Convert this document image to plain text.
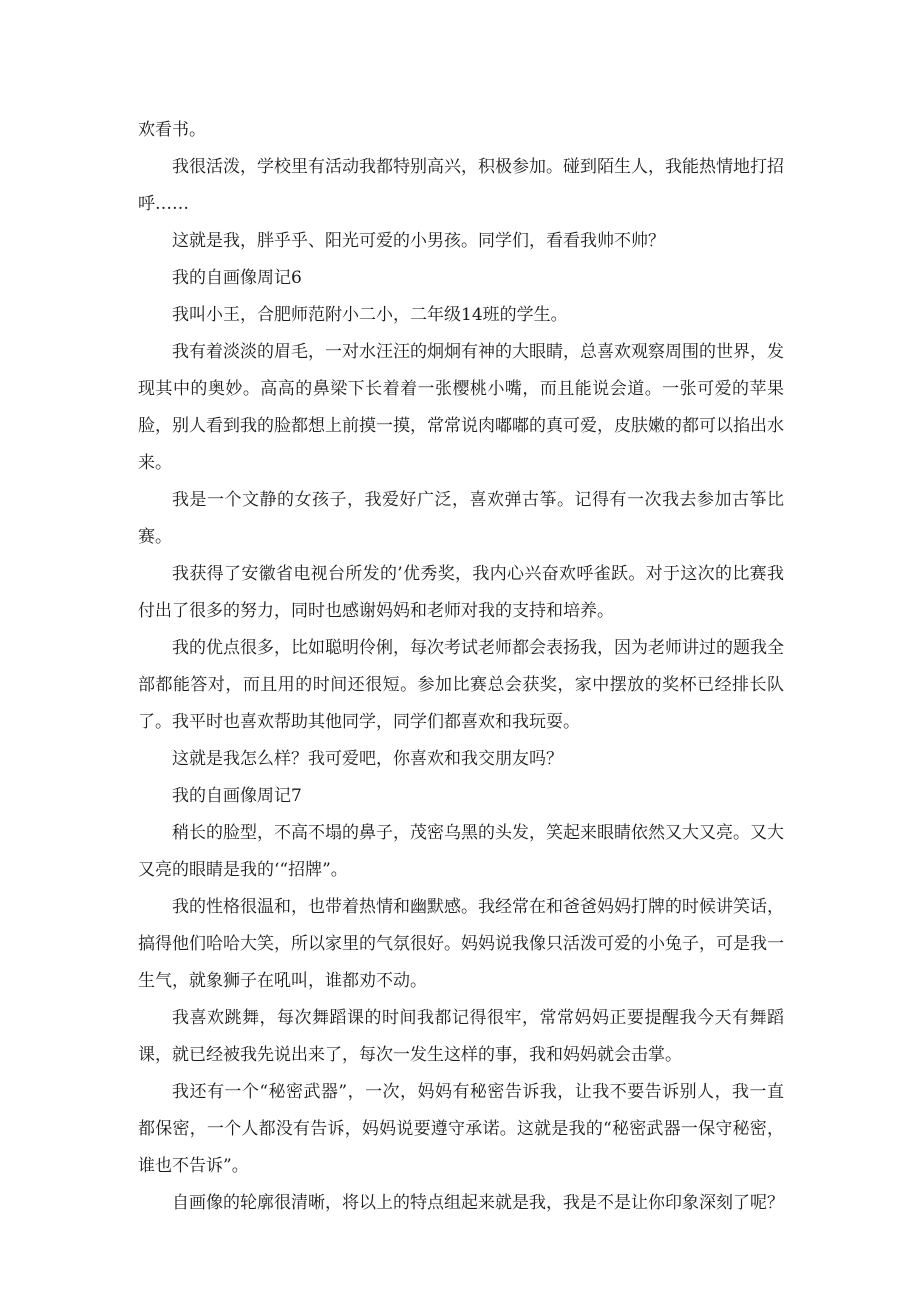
欢看书。

我很活泼，学校里有活动我都特别高兴，积极参加。碰到陌生人，我能热情地打招呼……

这就是我，胖乎乎、阳光可爱的小男孩。同学们，看看我帅不帅？

我的自画像周记6

我叫小王，合肥师范附小二小，二年级14班的学生。

我有着淡淡的眉毛，一对水汪汪的炯炯有神的大眼睛，总喜欢观察周围的世界，发现其中的奥妙。高高的鼻梁下长着着一张樱桃小嘴，而且能说会道。一张可爱的苹果脸，别人看到我的脸都想上前摸一摸，常常说肉嘟嘟的真可爱，皮肤嫩的都可以掐出水来。

我是一个文静的女孩子，我爱好广泛，喜欢弹古筝。记得有一次我去参加古筝比赛。

我获得了安徽省电视台所发的’优秀奖，我内心兴奋欢呼雀跃。对于这次的比赛我付出了很多的努力，同时也感谢妈妈和老师对我的支持和培养。

我的优点很多，比如聪明伶俐，每次考试老师都会表扬我，因为老师讲过的题我全部都能答对，而且用的时间还很短。参加比赛总会获奖，家中摆放的奖杯已经排长队了。我平时也喜欢帮助其他同学，同学们都喜欢和我玩耍。

这就是我怎么样？我可爱吧，你喜欢和我交朋友吗？

我的自画像周记7

稍长的脸型，不高不塌的鼻子，茂密乌黑的头发，笑起来眼睛依然又大又亮。又大又亮的眼睛是我的‘“招牌”。

我的性格很温和，也带着热情和幽默感。我经常在和爸爸妈妈打牌的时候讲笑话，搞得他们哈哈大笑，所以家里的气氛很好。妈妈说我像只活泼可爱的小兔子，可是我一生气，就象狮子在吼叫，谁都劝不动。

我喜欢跳舞，每次舞蹈课的时间我都记得很牢，常常妈妈正要提醒我今天有舞蹈课，就已经被我先说出来了，每次一发生这样的事，我和妈妈就会击掌。

我还有一个“秘密武器”，一次，妈妈有秘密告诉我，让我不要告诉别人，我一直都保密，一个人都没有告诉，妈妈说要遵守承诺。这就是我的“秘密武器一保守秘密，谁也不告诉”。

自画像的轮廓很清晰，将以上的特点组起来就是我，我是不是让你印象深刻了呢？
